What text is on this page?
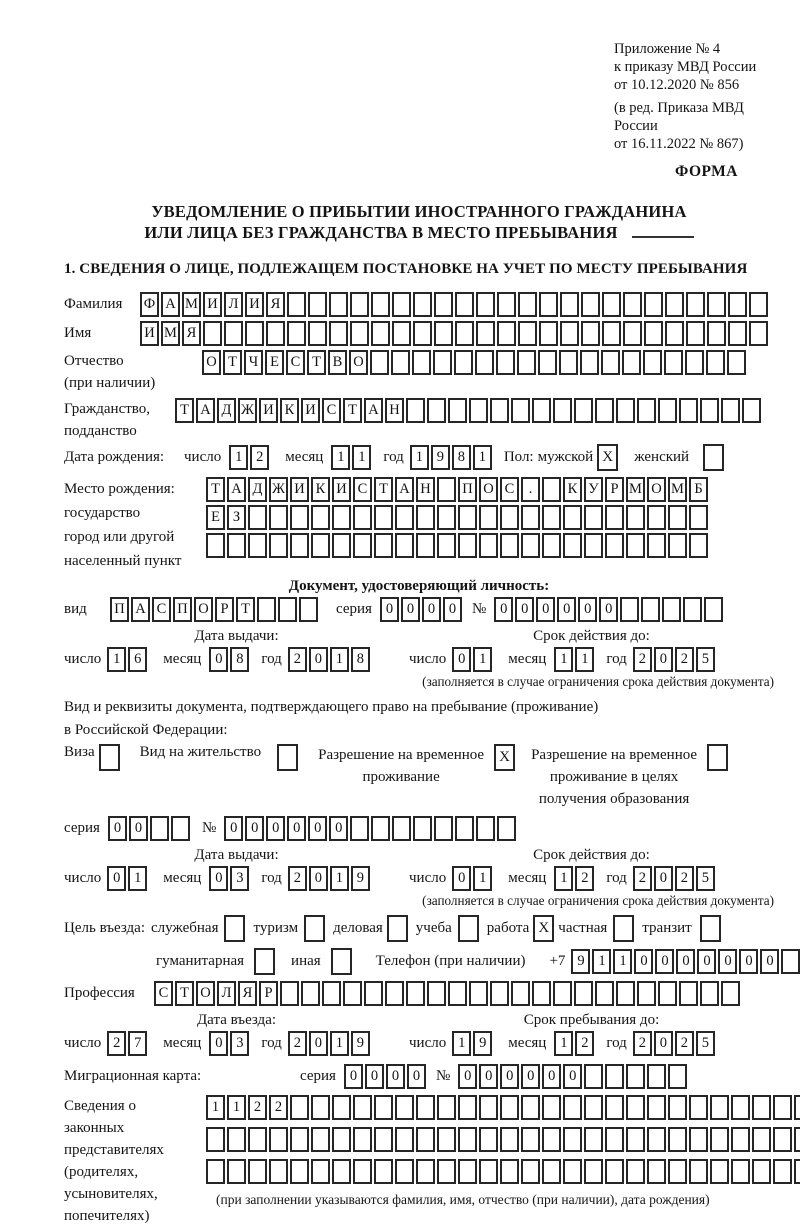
Приложение № 4
к приказу МВД России
от 10.12.2020 № 856
(в ред. Приказа МВД России
от 16.11.2022 № 867)
ФОРМА
УВЕДОМЛЕНИЕ О ПРИБЫТИИ ИНОСТРАННОГО ГРАЖДАНИНА
ИЛИ ЛИЦА БЕЗ ГРАЖДАНСТВА В МЕСТО ПРЕБЫВАНИЯ
1. СВЕДЕНИЯ О ЛИЦЕ, ПОДЛЕЖАЩЕМ ПОСТАНОВКЕ НА УЧЕТ ПО МЕСТУ ПРЕБЫВАНИЯ
Фамилия	Ф А М И Л И Я
Имя	И М Я
Отчество
(при наличии)
О Т Ч Е С Т В О
Гражданство,
подданство
Т А Д Ж И К И С Т А Н
Дата рождения:	число 1 2	месяц 1 1	год 1 9 8 1	Пол: мужской X	женский
Место рождения:
государство
город или другой
населенный пункт
Т А Д Ж И К И С Т А Н П О С .	К У Р М О М Б
Е З
Документ, удостоверяющий личность:
вид	П А С П О Р Т	серия 0 0 0 0	№ 0 0 0 0 0 0
Дата выдачи:
число 1 6	месяц 0 8	год 2 0 1 8
Срок действия до:
число 0 1	месяц 1 1	год 2 0 2 5
(заполняется в случае ограничения срока действия документа)
Вид и реквизиты документа, подтверждающего право на пребывание (проживание)
в Российской Федерации:
Виза	Вид на жительство	Разрешение на временное
проживание
X	Разрешение на временное
проживание в целях
получения образования
серия 0 0	№ 0 0 0 0 0 0
Дата выдачи:
число 0 1	месяц 0 3	год 2 0 1 9
Срок действия до:
число 0 1	месяц 1 2	год 2 0 2 5
(заполняется в случае ограничения срока действия документа)
Цель въезда: служебная туризм деловая учеба работа X частная транзит
гуманитарная	иная	Телефон (при наличии) +7 9 1 1 0 0 0 0 0 0 0
Профессия	С Т О Л Я Р
Дата въезда:
число 2 7	месяц 0 3	год 2 0 1 9
Срок пребывания до:
число 1 9	месяц 1 2	год 2 0 2 5
Миграционная карта:	серия 0 0 0 0	№ 0 0 0 0 0 0
Сведения о
законных
представителях
(родителях,
усыновителях,
попечителях)
1 1 2 2
(при заполнении указываются фамилия, имя, отчество (при наличии), дата рождения)
